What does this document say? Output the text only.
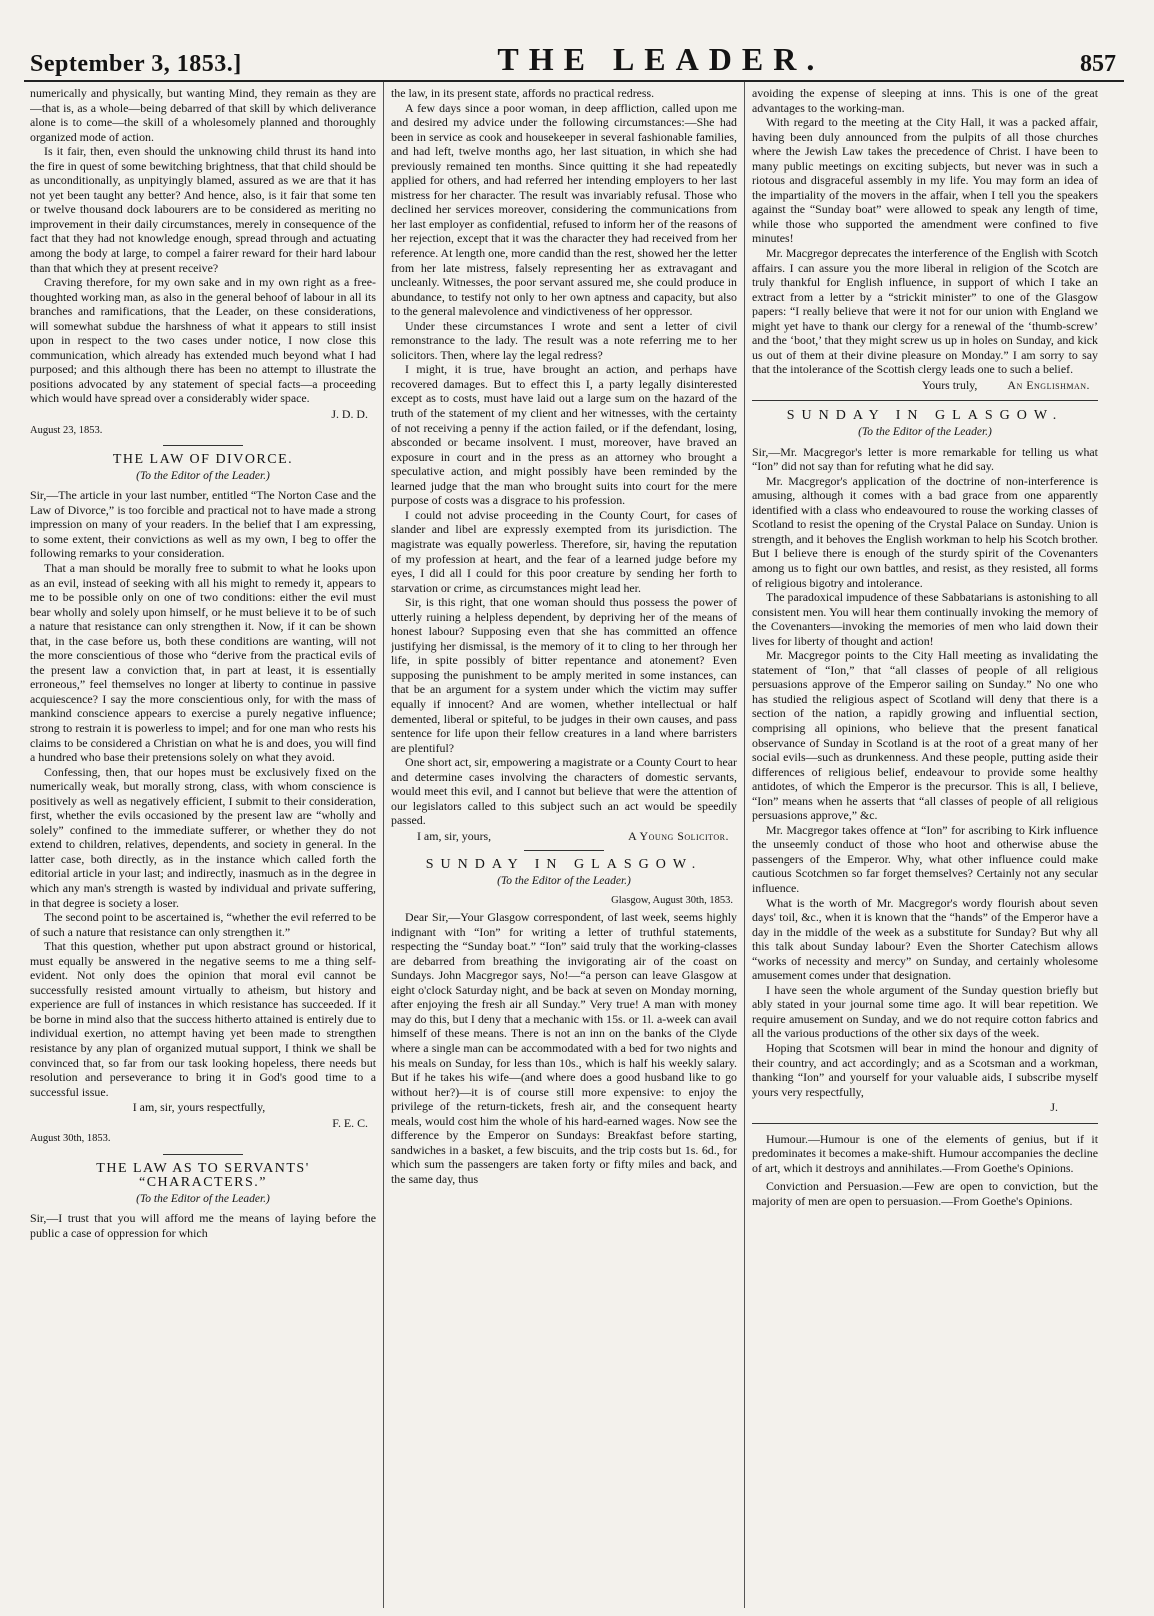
September 3, 1853.]	THE LEADER.	857

numerically and physically, but wanting Mind, they remain as they are—that is, as a whole—being debarred of that skill by which deliverance alone is to come—the skill of a wholesomely planned and thoroughly organized mode of action.

Is it fair, then, even should the unknowing child thrust its hand into the fire in quest of some bewitching brightness, that that child should be as unconditionally, as unpityingly blamed, assured as we are that it has not yet been taught any better? And hence, also, is it fair that some ten or twelve thousand dock labourers are to be considered as meriting no improvement in their daily circumstances, merely in consequence of the fact that they had not knowledge enough, spread through and actuating among the body at large, to compel a fairer reward for their hard labour than that which they at present receive?

Craving therefore, for my own sake and in my own right as a free-thoughted working man, as also in the general behoof of labour in all its branches and ramifications, that the Leader, on these considerations, will somewhat subdue the harshness of what it appears to still insist upon in respect to the two cases under notice, I now close this communication, which already has extended much beyond what I had purposed; and this although there has been no attempt to illustrate the positions advocated by any statement of special facts—a proceeding which would have spread over a considerably wider space.

J. D. D.
August 23, 1853.
THE LAW OF DIVORCE.
(To the Editor of the Leader.)

Sir,—The article in your last number, entitled “The Norton Case and the Law of Divorce,” is too forcible and practical not to have made a strong impression on many of your readers. In the belief that I am expressing, to some extent, their convictions as well as my own, I beg to offer the following remarks to your consideration.

That a man should be morally free to submit to what he looks upon as an evil, instead of seeking with all his might to remedy it, appears to me to be possible only on one of two conditions: either the evil must bear wholly and solely upon himself, or he must believe it to be of such a nature that resistance can only strengthen it. Now, if it can be shown that, in the case before us, both these conditions are wanting, will not the more conscientious of those who “derive from the practical evils of the present law a conviction that, in part at least, it is essentially erroneous,” feel themselves no longer at liberty to continue in passive acquiescence? I say the more conscientious only, for with the mass of mankind conscience appears to exercise a purely negative influence; strong to restrain it is powerless to impel; and for one man who rests his claims to be considered a Christian on what he is and does, you will find a hundred who base their pretensions solely on what they avoid.

Confessing, then, that our hopes must be exclusively fixed on the numerically weak, but morally strong, class, with whom conscience is positively as well as negatively efficient, I submit to their consideration, first, whether the evils occasioned by the present law are “wholly and solely” confined to the immediate sufferer, or whether they do not extend to children, relatives, dependents, and society in general. In the latter case, both directly, as in the instance which called forth the editorial article in your last; and indirectly, inasmuch as in the degree in which any man's strength is wasted by individual and private suffering, in that degree is society a loser.

The second point to be ascertained is, “whether the evil referred to be of such a nature that resistance can only strengthen it.”

That this question, whether put upon abstract ground or historical, must equally be answered in the negative seems to me a thing self-evident. Not only does the opinion that moral evil cannot be successfully resisted amount virtually to atheism, but history and experience are full of instances in which resistance has succeeded. If it be borne in mind also that the success hitherto attained is entirely due to individual exertion, no attempt having yet been made to strengthen resistance by any plan of organized mutual support, I think we shall be convinced that, so far from our task looking hopeless, there needs but resolution and perseverance to bring it in God's good time to a successful issue.

I am, sir, yours respectfully,
F. E. C.
August 30th, 1853.
THE LAW AS TO SERVANTS' “CHARACTERS.”
(To the Editor of the Leader.)

Sir,—I trust that you will afford me the means of laying before the public a case of oppression for which

the law, in its present state, affords no practical redress.

A few days since a poor woman, in deep affliction, called upon me and desired my advice under the following circumstances:—She had been in service as cook and housekeeper in several fashionable families, and had left, twelve months ago, her last situation, in which she had previously remained ten months. Since quitting it she had repeatedly applied for others, and had referred her intending employers to her last mistress for her character. The result was invariably refusal. Those who declined her services moreover, considering the communications from her last employer as confidential, refused to inform her of the reasons of her rejection, except that it was the character they had received from her reference. At length one, more candid than the rest, showed her the letter from her late mistress, falsely representing her as extravagant and uncleanly. Witnesses, the poor servant assured me, she could produce in abundance, to testify not only to her own aptness and capacity, but also to the general malevolence and vindictiveness of her oppressor.

Under these circumstances I wrote and sent a letter of civil remonstrance to the lady. The result was a note referring me to her solicitors. Then, where lay the legal redress?

I might, it is true, have brought an action, and perhaps have recovered damages. But to effect this I, a party legally disinterested except as to costs, must have laid out a large sum on the hazard of the truth of the statement of my client and her witnesses, with the certainty of not receiving a penny if the action failed, or if the defendant, losing, absconded or became insolvent. I must, moreover, have braved an exposure in court and in the press as an attorney who brought a speculative action, and might possibly have been reminded by the learned judge that the man who brought suits into court for the mere purpose of costs was a disgrace to his profession.

I could not advise proceeding in the County Court, for cases of slander and libel are expressly exempted from its jurisdiction. The magistrate was equally powerless. Therefore, sir, having the reputation of my profession at heart, and the fear of a learned judge before my eyes, I did all I could for this poor creature by sending her forth to starvation or crime, as circumstances might lead her.

Sir, is this right, that one woman should thus possess the power of utterly ruining a helpless dependent, by depriving her of the means of honest labour? Supposing even that she has committed an offence justifying her dismissal, is the memory of it to cling to her through her life, in spite possibly of bitter repentance and atonement? Even supposing the punishment to be amply merited in some instances, can that be an argument for a system under which the victim may suffer equally if innocent? And are women, whether intellectual or half demented, liberal or spiteful, to be judges in their own causes, and pass sentence for life upon their fellow creatures in a land where barristers are plentiful?

One short act, sir, empowering a magistrate or a County Court to hear and determine cases involving the characters of domestic servants, would meet this evil, and I cannot but believe that were the attention of our legislators called to this subject such an act would be speedily passed.

I am, sir, yours,	A Young Solicitor.
SUNDAY IN GLASGOW.
(To the Editor of the Leader.)
Glasgow, August 30th, 1853.

Dear Sir,—Your Glasgow correspondent, of last week, seems highly indignant with “Ion” for writing a letter of truthful statements, respecting the “Sunday boat.” “Ion” said truly that the working-classes are debarred from breathing the invigorating air of the coast on Sundays. John Macgregor says, No!—“a person can leave Glasgow at eight o'clock Saturday night, and be back at seven on Monday morning, after enjoying the fresh air all Sunday.” Very true! A man with money may do this, but I deny that a mechanic with 15s. or 1l. a-week can avail himself of these means. There is not an inn on the banks of the Clyde where a single man can be accommodated with a bed for two nights and his meals on Sunday, for less than 10s., which is half his weekly salary. But if he takes his wife—(and where does a good husband like to go without her?)—it is of course still more expensive: to enjoy the privilege of the return-tickets, fresh air, and the consequent hearty meals, would cost him the whole of his hard-earned wages. Now see the difference by the Emperor on Sundays: Breakfast before starting, sandwiches in a basket, a few biscuits, and the trip costs but 1s. 6d., for which sum the passengers are taken forty or fifty miles and back, and the same day, thus

avoiding the expense of sleeping at inns. This is one of the great advantages to the working-man.

With regard to the meeting at the City Hall, it was a packed affair, having been duly announced from the pulpits of all those churches where the Jewish Law takes the precedence of Christ. I have been to many public meetings on exciting subjects, but never was in such a riotous and disgraceful assembly in my life. You may form an idea of the impartiality of the movers in the affair, when I tell you the speakers against the “Sunday boat” were allowed to speak any length of time, while those who supported the amendment were confined to five minutes!

Mr. Macgregor deprecates the interference of the English with Scotch affairs. I can assure you the more liberal in religion of the Scotch are truly thankful for English influence, in support of which I take an extract from a letter by a “strickit minister” to one of the Glasgow papers: “I really believe that were it not for our union with England we might yet have to thank our clergy for a renewal of the ‘thumb-screw’ and the ‘boot,’ that they might screw us up in holes on Sunday, and kick us out of them at their divine pleasure on Monday.” I am sorry to say that the intolerance of the Scottish clergy leads one to such a belief.

Yours truly,	An Englishman.
SUNDAY IN GLASGOW.
(To the Editor of the Leader.)

Sir,—Mr. Macgregor's letter is more remarkable for telling us what “Ion” did not say than for refuting what he did say.

Mr. Macgregor's application of the doctrine of non-interference is amusing, although it comes with a bad grace from one apparently identified with a class who endeavoured to rouse the working classes of Scotland to resist the opening of the Crystal Palace on Sunday. Union is strength, and it behoves the English workman to help his Scotch brother. But I believe there is enough of the sturdy spirit of the Covenanters among us to fight our own battles, and resist, as they resisted, all forms of religious bigotry and intolerance.

The paradoxical impudence of these Sabbatarians is astonishing to all consistent men. You will hear them continually invoking the memory of the Covenanters—invoking the memories of men who laid down their lives for liberty of thought and action!

Mr. Macgregor points to the City Hall meeting as invalidating the statement of “Ion,” that “all classes of people of all religious persuasions approve of the Emperor sailing on Sunday.” No one who has studied the religious aspect of Scotland will deny that there is a section of the nation, a rapidly growing and influential section, comprising all opinions, who believe that the present fanatical observance of Sunday in Scotland is at the root of a great many of her social evils—such as drunkenness. And these people, putting aside their differences of religious belief, endeavour to provide some healthy antidotes, of which the Emperor is the precursor. This is all, I believe, “Ion” means when he asserts that “all classes of people of all religious persuasions approve,” &c.

Mr. Macgregor takes offence at “Ion” for ascribing to Kirk influence the unseemly conduct of those who hoot and otherwise abuse the passengers of the Emperor. Why, what other influence could make cautious Scotchmen so far forget themselves? Certainly not any secular influence.

What is the worth of Mr. Macgregor's wordy flourish about seven days' toil, &c., when it is known that the “hands” of the Emperor have a day in the middle of the week as a substitute for Sunday? But why all this talk about Sunday labour? Even the Shorter Catechism allows “works of necessity and mercy” on Sunday, and certainly wholesome amusement comes under that designation.

I have seen the whole argument of the Sunday question briefly but ably stated in your journal some time ago. It will bear repetition. We require amusement on Sunday, and we do not require cotton fabrics and all the various productions of the other six days of the week.

Hoping that Scotsmen will bear in mind the honour and dignity of their country, and act accordingly; and as a Scotsman and a workman, thanking “Ion” and yourself for your valuable aids, I subscribe myself yours very respectfully,

J.

Humour.—Humour is one of the elements of genius, but if it predominates it becomes a make-shift. Humour accompanies the decline of art, which it destroys and annihilates.—From Goethe's Opinions.

Conviction and Persuasion.—Few are open to conviction, but the majority of men are open to persuasion.—From Goethe's Opinions.
